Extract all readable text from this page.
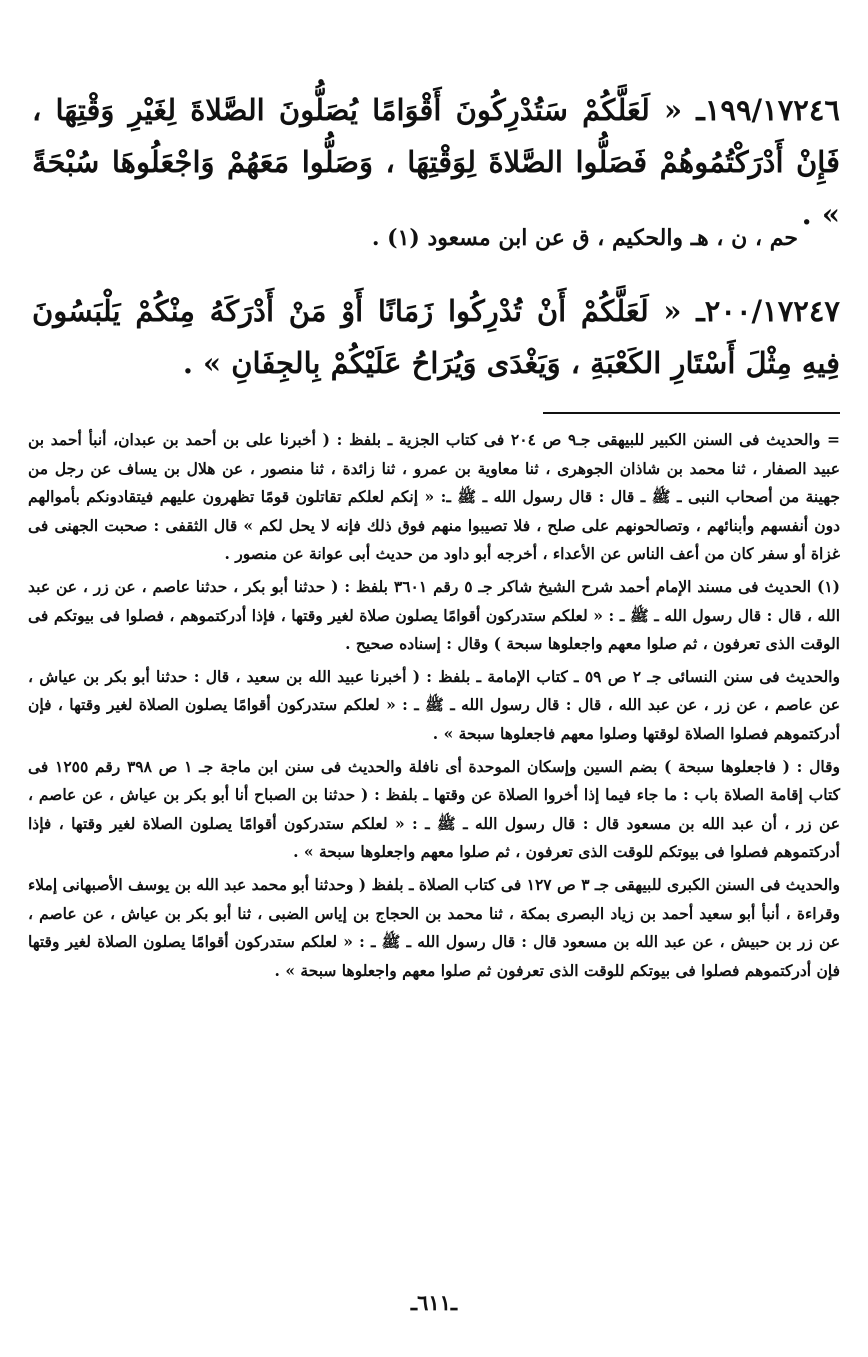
١٩٩/١٧٢٤٦ـ « لَعَلَّكُمْ سَتُدْرِكُونَ أَقْوَامًا يُصَلُّونَ الصَّلاةَ لِغَيْرِ وَقْتِهَا ، فَإِنْ أَدْرَكْتُمُوهُمْ فَصَلُّوا الصَّلاةَ لِوَقْتِهَا ، وَصَلُّوا مَعَهُمْ وَاجْعَلُوهَا سُبْحَةً » .
حم ، ن ، هـ والحكيم ، ق عن ابن مسعود (١) .
٢٠٠/١٧٢٤٧ـ « لَعَلَّكُمْ أَنْ تُدْرِكُوا زَمَانًا أَوْ مَنْ أَدْرَكَهُ مِنْكُمْ يَلْبَسُونَ فِيهِ مِثْلَ أَسْتَارِ الكَعْبَةِ ، وَيَغْدَى وَيُرَاحُ عَلَيْكُمْ بِالجِفَانِ » .

= والحديث فى السنن الكبير للبيهقى جـ٩ ص ٢٠٤ فى كتاب الجزية ـ بلفظ : ( أخبرنا على بن أحمد بن عبدان، أنبأ أحمد بن عبيد الصفار ، ثنا محمد بن شاذان الجوهرى ، ثنا معاوية بن عمرو ، ثنا زائدة ، ثنا منصور ، عن هلال بن يساف عن رجل من جهينة من أصحاب النبى ـ ﷺ ـ قال : قال رسول الله ـ ﷺ ـ: « إنكم لعلكم تقاتلون قومًا تظهرون عليهم فيتقادونكم بأموالهم دون أنفسهم وأبنائهم ، وتصالحونهم على صلح ، فلا تصيبوا منهم فوق ذلك فإنه لا يحل لكم » قال الثقفى : صحبت الجهنى فى غزاة أو سفر كان من أعف الناس عن الأعداء ، أخرجه أبو داود من حديث أبى عوانة عن منصور .

(١) الحديث فى مسند الإمام أحمد شرح الشيخ شاكر جـ ٥ رقم ٣٦٠١ بلفظ : ( حدثنا أبو بكر ، حدثنا عاصم ، عن زر ، عن عبد الله ، قال : قال رسول الله ـ ﷺ ـ : « لعلكم ستدركون أقوامًا يصلون صلاة لغير وقتها ، فإذا أدركتموهم ، فصلوا فى بيوتكم فى الوقت الذى تعرفون ، ثم صلوا معهم واجعلوها سبحة ) وقال : إسناده صحيح .

والحديث فى سنن النسائى جـ ٢ ص ٥٩ ـ كتاب الإمامة ـ بلفظ : ( أخبرنا عبيد الله بن سعيد ، قال : حدثنا أبو بكر بن عياش ، عن عاصم ، عن زر ، عن عبد الله ، قال : قال رسول الله ـ ﷺ ـ : « لعلكم ستدركون أقوامًا يصلون الصلاة لغير وقتها ، فإن أدركتموهم فصلوا الصلاة لوقتها وصلوا معهم فاجعلوها سبحة » .

وقال : ( فاجعلوها سبحة ) بضم السين وإسكان الموحدة أى نافلة والحديث فى سنن ابن ماجة جـ ١ ص ٣٩٨ رقم ١٢٥٥ فى كتاب إقامة الصلاة باب : ما جاء فيما إذا أخروا الصلاة عن وقتها ـ بلفظ : ( حدثنا بن الصباح أنا أبو بكر بن عياش ، عن عاصم ، عن زر ، أن عبد الله بن مسعود قال : قال رسول الله ـ ﷺ ـ : « لعلكم ستدركون أقوامًا يصلون الصلاة لغير وقتها ، فإذا أدركتموهم فصلوا فى بيوتكم للوقت الذى تعرفون ، ثم صلوا معهم واجعلوها سبحة » .

والحديث فى السنن الكبرى للبيهقى جـ ٣ ص ١٢٧ فى كتاب الصلاة ـ بلفظ ( وحدثنا أبو محمد عبد الله بن يوسف الأصبهانى إملاء وقراءة ، أنبأ أبو سعيد أحمد بن زياد البصرى بمكة ، ثنا محمد بن الحجاج بن إياس الضبى ، ثنا أبو بكر بن عياش ، عن عاصم ، عن زر بن حبيش ، عن عبد الله بن مسعود قال : قال رسول الله ـ ﷺ ـ : « لعلكم ستدركون أقوامًا يصلون الصلاة لغير وقتها فإن أدركتموهم فصلوا فى بيوتكم للوقت الذى تعرفون ثم صلوا معهم واجعلوها سبحة » .

ـ٦١١ـ
